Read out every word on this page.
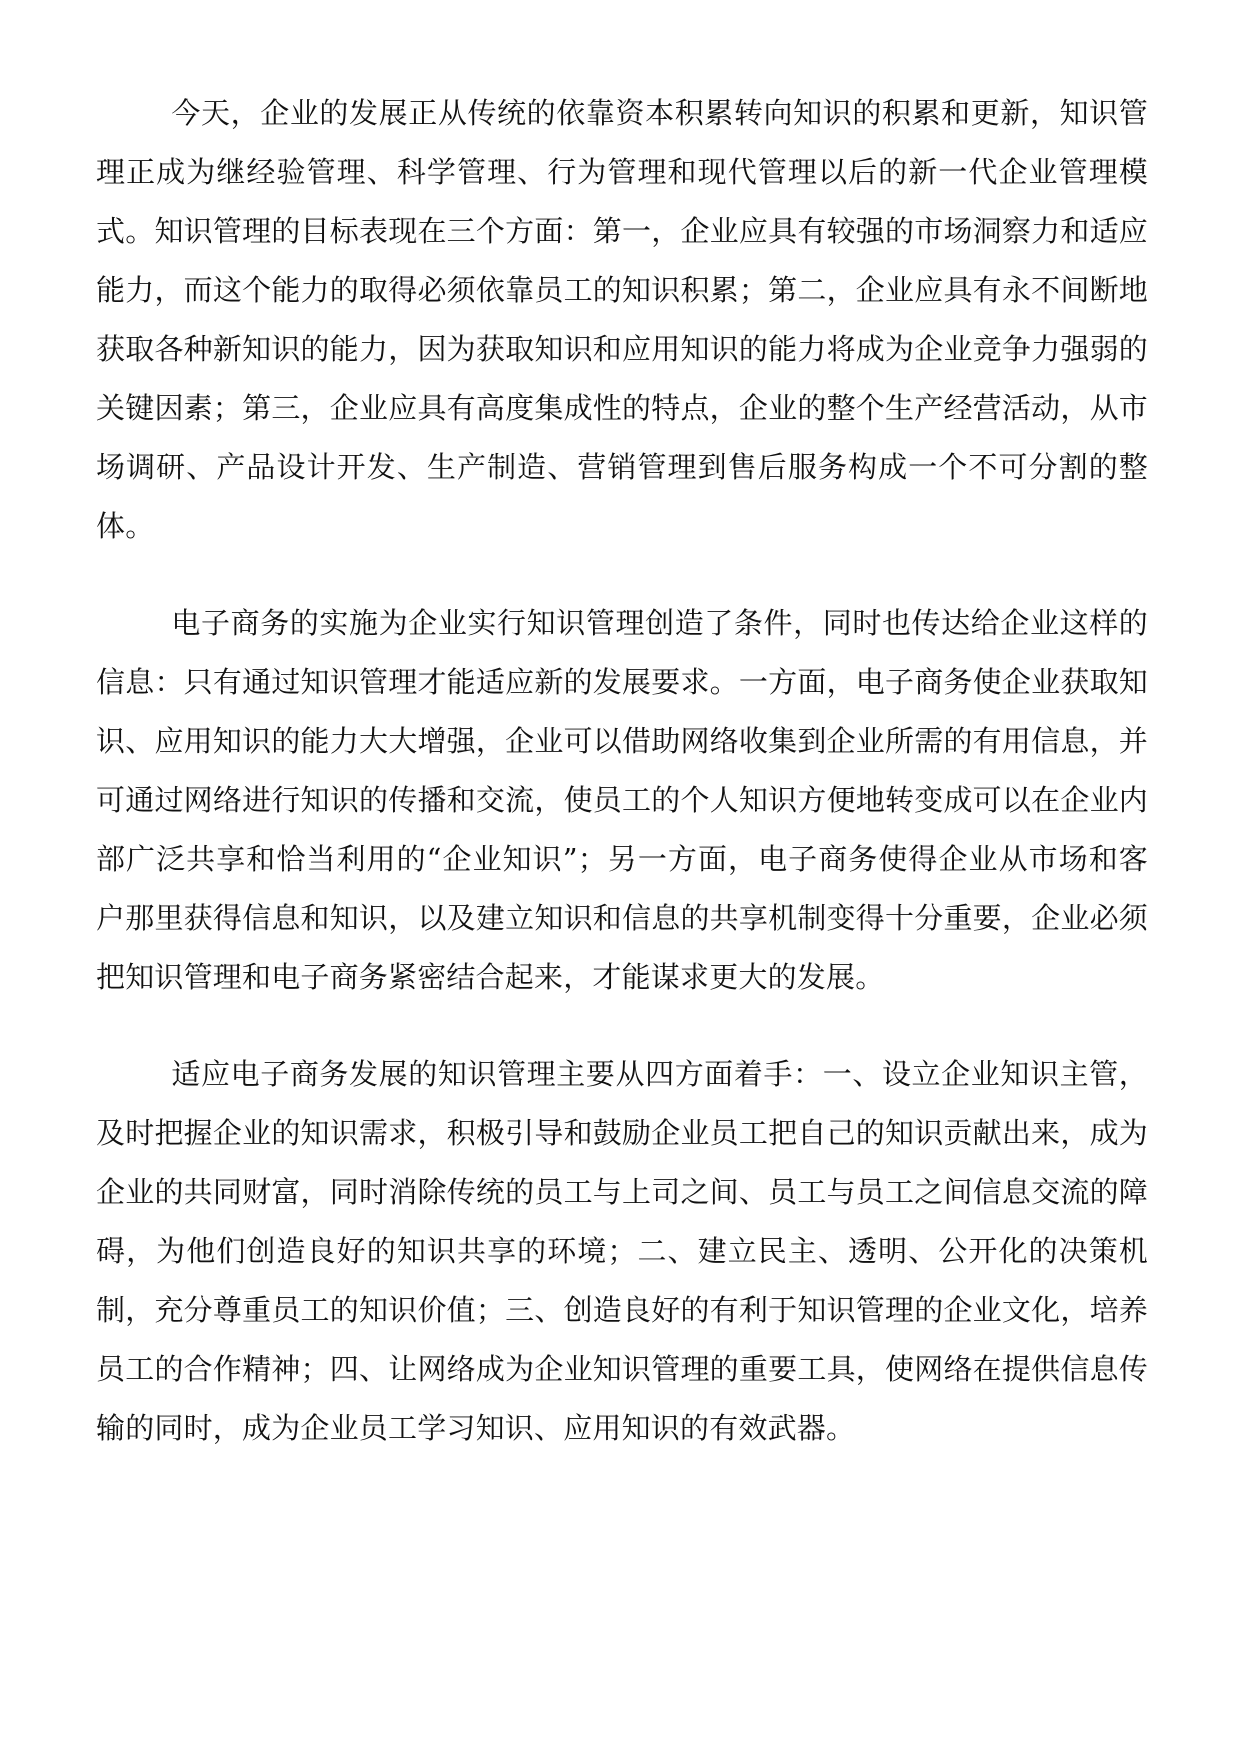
今天，企业的发展正从传统的依靠资本积累转向知识的积累和更新，知识管理正成为继经验管理、科学管理、行为管理和现代管理以后的新一代企业管理模式。知识管理的目标表现在三个方面：第一，企业应具有较强的市场洞察力和适应能力，而这个能力的取得必须依靠员工的知识积累；第二，企业应具有永不间断地获取各种新知识的能力，因为获取知识和应用知识的能力将成为企业竞争力强弱的关键因素；第三，企业应具有高度集成性的特点，企业的整个生产经营活动，从市场调研、产品设计开发、生产制造、营销管理到售后服务构成一个不可分割的整体。

电子商务的实施为企业实行知识管理创造了条件，同时也传达给企业这样的信息：只有通过知识管理才能适应新的发展要求。一方面，电子商务使企业获取知识、应用知识的能力大大增强，企业可以借助网络收集到企业所需的有用信息，并可通过网络进行知识的传播和交流，使员工的个人知识方便地转变成可以在企业内部广泛共享和恰当利用的“企业知识”；另一方面，电子商务使得企业从市场和客户那里获得信息和知识，以及建立知识和信息的共享机制变得十分重要，企业必须把知识管理和电子商务紧密结合起来，才能谋求更大的发展。

适应电子商务发展的知识管理主要从四方面着手：一、设立企业知识主管，及时把握企业的知识需求，积极引导和鼓励企业员工把自己的知识贡献出来，成为企业的共同财富，同时消除传统的员工与上司之间、员工与员工之间信息交流的障碍，为他们创造良好的知识共享的环境；二、建立民主、透明、公开化的决策机制，充分尊重员工的知识价值；三、创造良好的有利于知识管理的企业文化，培养员工的合作精神；四、让网络成为企业知识管理的重要工具，使网络在提供信息传输的同时，成为企业员工学习知识、应用知识的有效武器。
